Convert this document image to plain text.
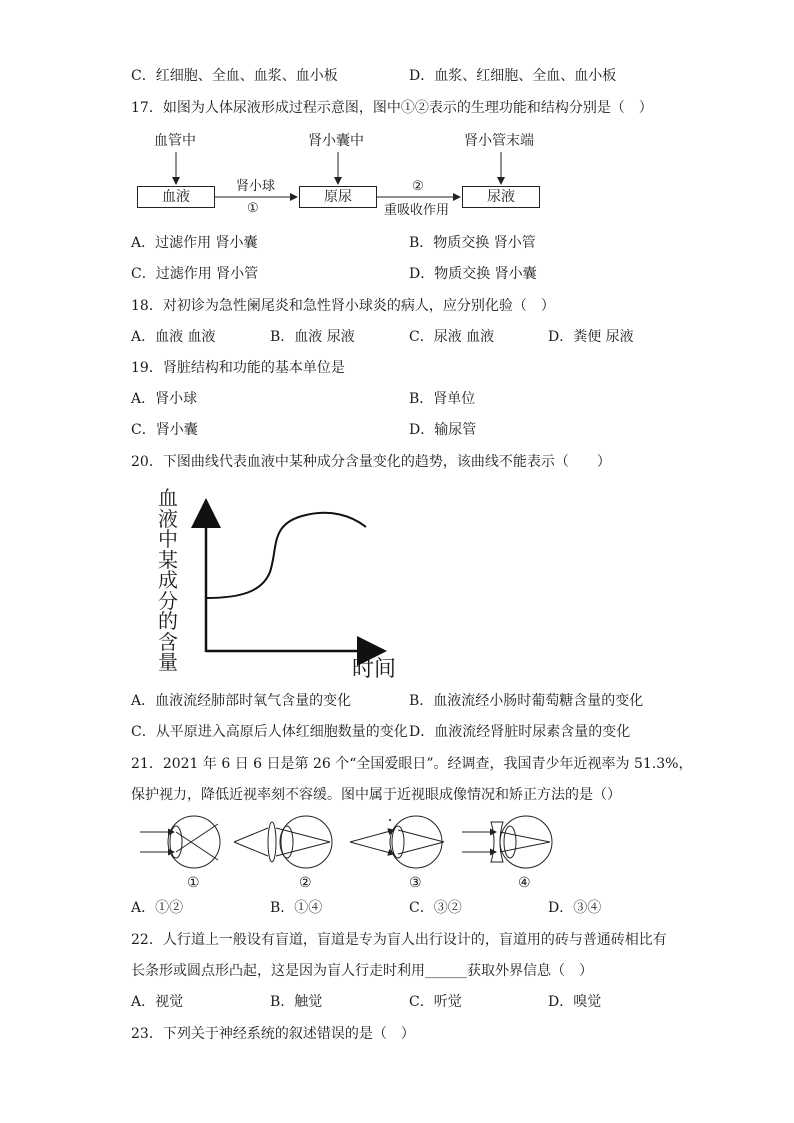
C．红细胞、全血、血浆、血小板	D．血浆、红细胞、全血、血小板
17．如图为人体尿液形成过程示意图，图中①②表示的生理功能和结构分别是（　）
血管中	肾小囊中	肾小管末端
血液	原尿	尿液
肾小球
①
②
重吸收作用
A．过滤作用 肾小囊	B．物质交换 肾小管
C．过滤作用 肾小管	D．物质交换 肾小囊
18．对初诊为急性阑尾炎和急性肾小球炎的病人，应分别化验（　）
A．血液 血液	B．血液 尿液	C．尿液 血液	D．粪便 尿液
19．肾脏结构和功能的基本单位是
A．肾小球	B．肾单位
C．肾小囊	D．输尿管
20．下图曲线代表血液中某种成分含量变化的趋势，该曲线不能表示（　　）
血
液
中
某
成
分
的
含
量	时间
A．血液流经肺部时氧气含量的变化	B．血液流经小肠时葡萄糖含量的变化
C．从平原进入高原后人体红细胞数量的变化 D．血液流经肾脏时尿素含量的变化
21．2021 年 6 日 6 日是第 26 个“全国爱眼日”。经调查，我国青少年近视率为 51.3%，
保护视力，降低近视率刻不容缓。图中属于近视眼成像情况和矫正方法的是（）
①	②	③	④
A．①②	B．①④	C．③②	D．③④
22．人行道上一般设有盲道，盲道是专为盲人出行设计的，盲道用的砖与普通砖相比有
长条形或圆点形凸起，这是因为盲人行走时利用______获取外界信息（　）
A．视觉	B．触觉	C．听觉	D．嗅觉
23．下列关于神经系统的叙述错误的是（　）
